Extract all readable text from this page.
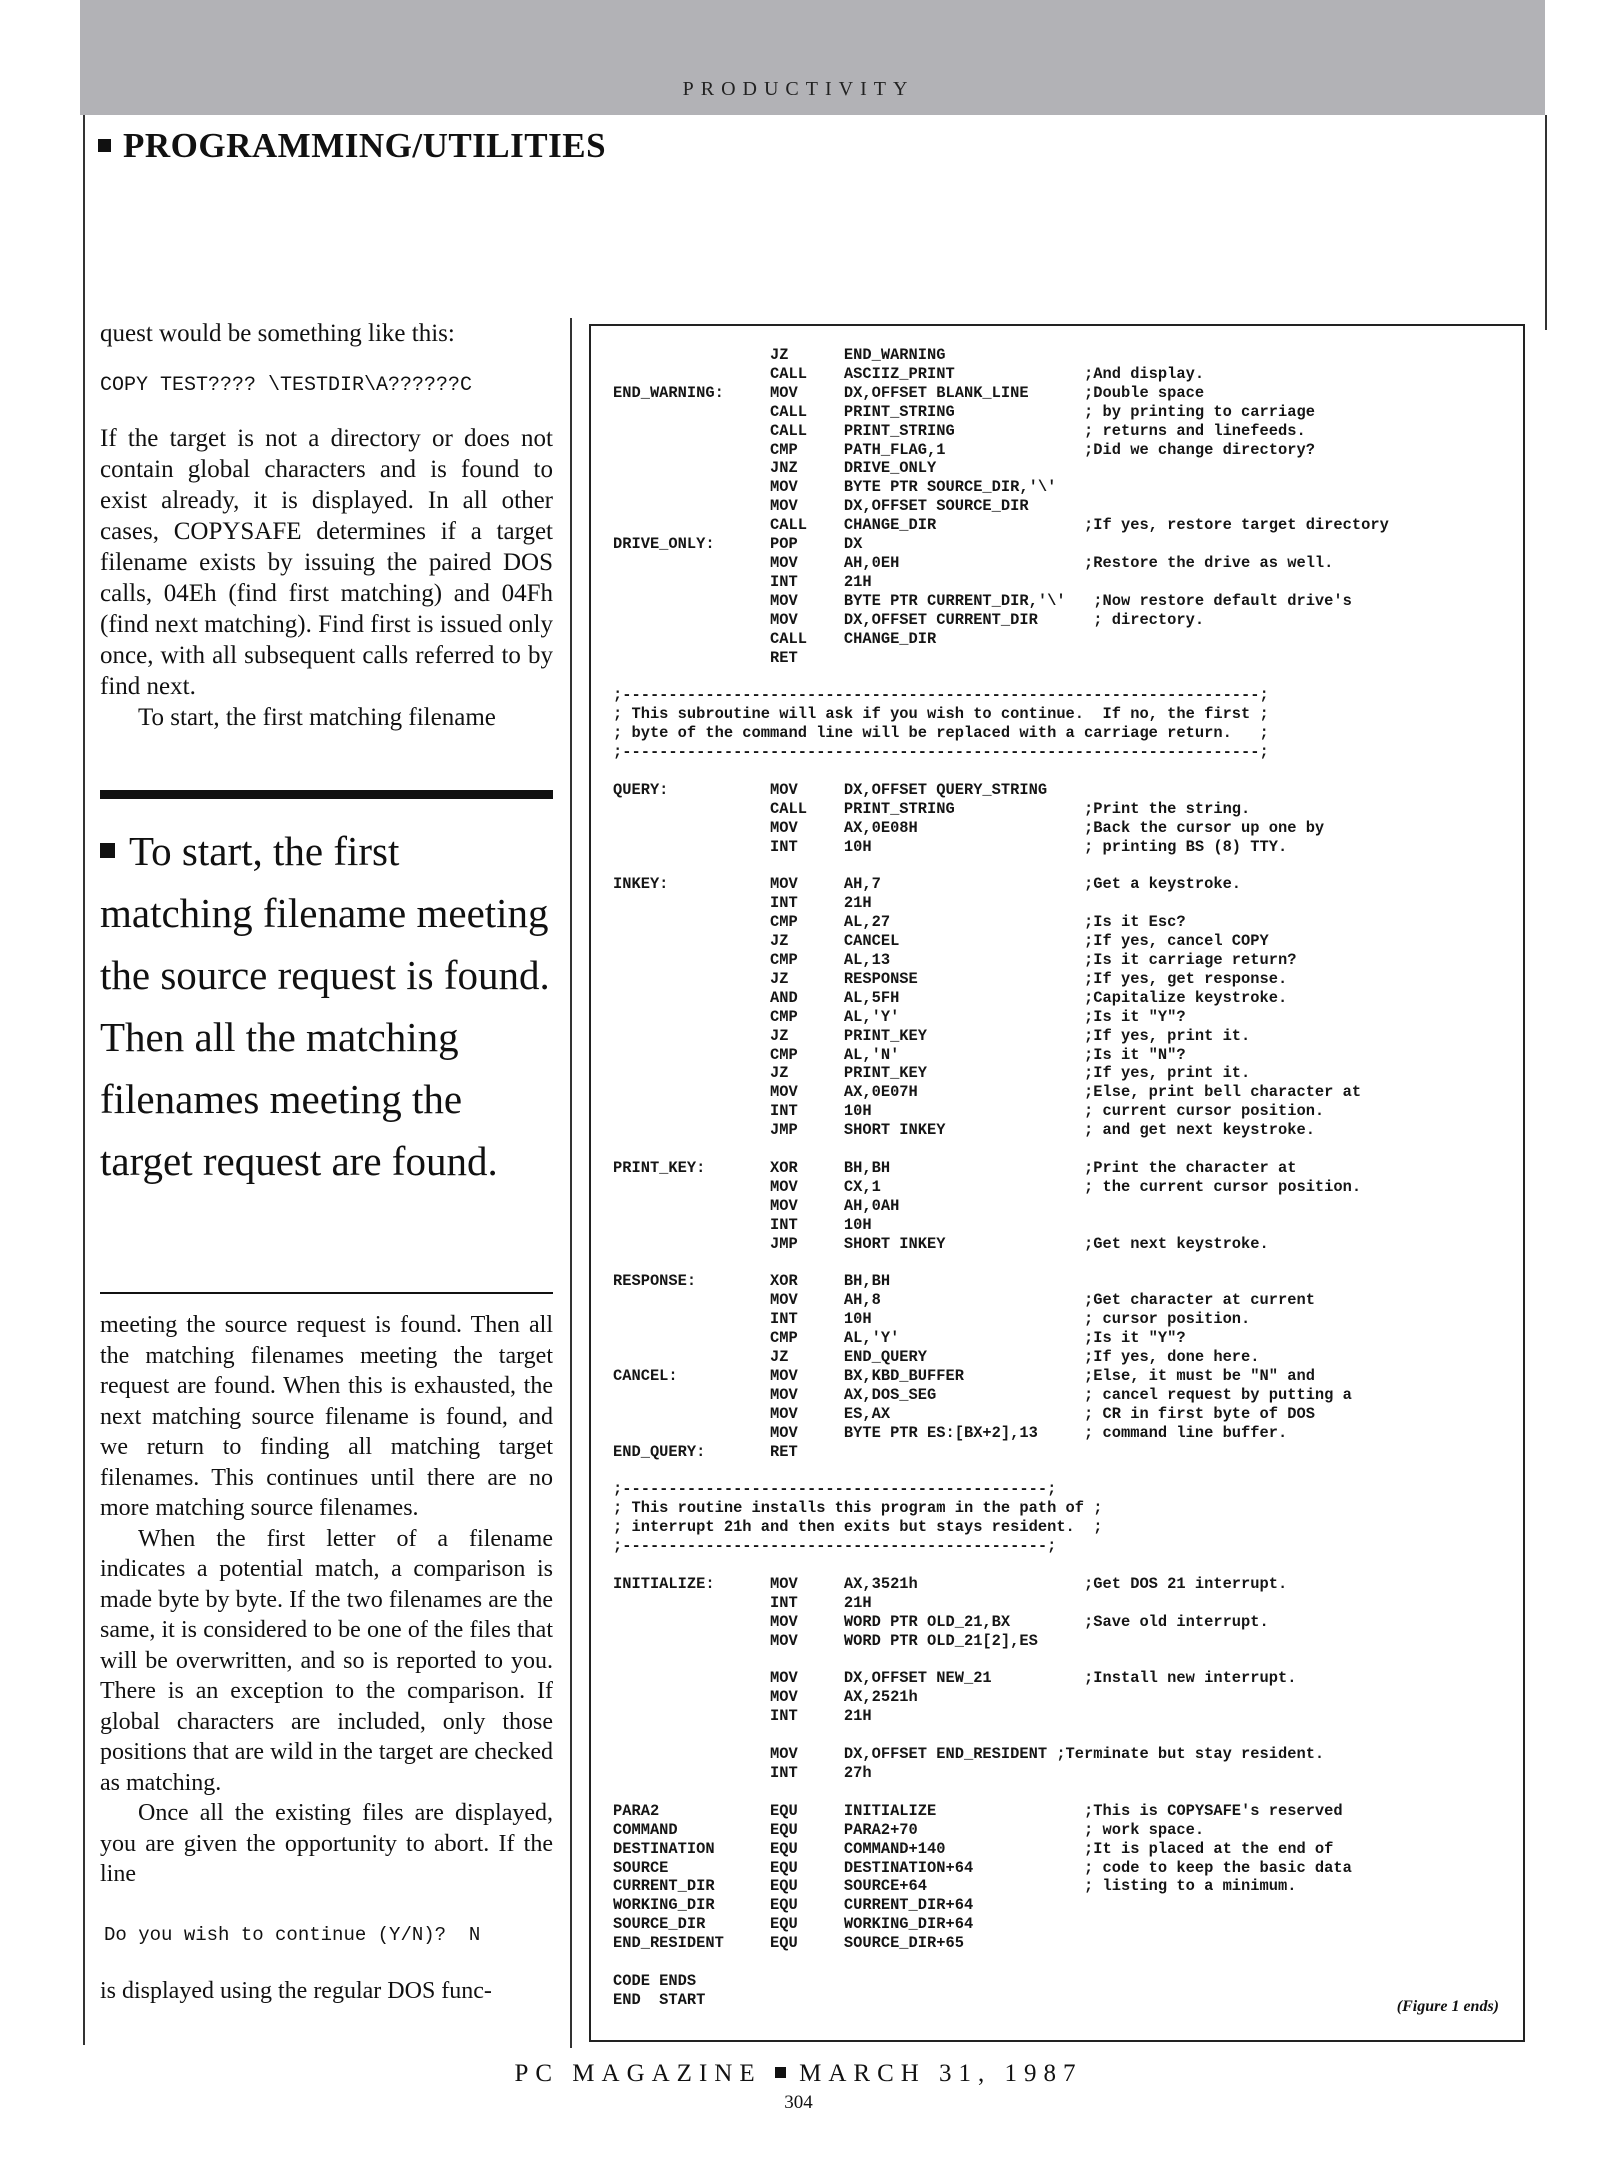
PRODUCTIVITY
PROGRAMMING/UTILITIES

quest would be something like this:

COPY TEST???? \TESTDIR\A??????C

If the target is not a directory or does not contain global characters and is found to exist already, it is displayed. In all other cases, COPYSAFE determines if a target filename exists by issuing the paired DOS calls, 04Eh (find first matching) and 04Fh (find next matching). Find first is issued only once, with all subsequent calls referred to by find next.

To start, the first matching filename

To start, the first matching filename meeting the source request is found. Then all the matching filenames meeting the target request are found.

meeting the source request is found. Then all the matching filenames meeting the target request are found. When this is exhausted, the next matching source filename is found, and we return to finding all matching target filenames. This continues until there are no more matching source filenames.

When the first letter of a filename indicates a potential match, a comparison is made byte by byte. If the two filenames are the same, it is considered to be one of the files that will be overwritten, and so is reported to you. There is an exception to the comparison. If global characters are included, only those positions that are wild in the target are checked as matching.

Once all the existing files are displayed, you are given the opportunity to abort. If the line

Do you wish to continue (Y/N)?  N

is displayed using the regular DOS func-

JZ      END_WARNING
CALL    ASCIIZ_PRINT              ;And display.
END_WARNING:     MOV     DX,OFFSET BLANK_LINE      ;Double space
CALL    PRINT_STRING              ; by printing to carriage
CALL    PRINT_STRING              ; returns and linefeeds.
CMP     PATH_FLAG,1               ;Did we change directory?
JNZ     DRIVE_ONLY
MOV     BYTE PTR SOURCE_DIR,'\'
MOV     DX,OFFSET SOURCE_DIR
CALL    CHANGE_DIR                ;If yes, restore target directory
DRIVE_ONLY:      POP     DX
MOV     AH,0EH                    ;Restore the drive as well.
INT     21H
MOV     BYTE PTR CURRENT_DIR,'\'   ;Now restore default drive's
MOV     DX,OFFSET CURRENT_DIR      ; directory.
CALL    CHANGE_DIR
RET

;---------------------------------------------------------------------;
; This subroutine will ask if you wish to continue.  If no, the first ;
; byte of the command line will be replaced with a carriage return.   ;
;---------------------------------------------------------------------;

QUERY:           MOV     DX,OFFSET QUERY_STRING
CALL    PRINT_STRING              ;Print the string.
MOV     AX,0E08H                  ;Back the cursor up one by
INT     10H                       ; printing BS (8) TTY.

INKEY:           MOV     AH,7                      ;Get a keystroke.
INT     21H
CMP     AL,27                     ;Is it Esc?
JZ      CANCEL                    ;If yes, cancel COPY
CMP     AL,13                     ;Is it carriage return?
JZ      RESPONSE                  ;If yes, get response.
AND     AL,5FH                    ;Capitalize keystroke.
CMP     AL,'Y'                    ;Is it "Y"?
JZ      PRINT_KEY                 ;If yes, print it.
CMP     AL,'N'                    ;Is it "N"?
JZ      PRINT_KEY                 ;If yes, print it.
MOV     AX,0E07H                  ;Else, print bell character at
INT     10H                       ; current cursor position.
JMP     SHORT INKEY               ; and get next keystroke.

PRINT_KEY:       XOR     BH,BH                     ;Print the character at
MOV     CX,1                      ; the current cursor position.
MOV     AH,0AH
INT     10H
JMP     SHORT INKEY               ;Get next keystroke.

RESPONSE:        XOR     BH,BH
MOV     AH,8                      ;Get character at current
INT     10H                       ; cursor position.
CMP     AL,'Y'                    ;Is it "Y"?
JZ      END_QUERY                 ;If yes, done here.
CANCEL:          MOV     BX,KBD_BUFFER             ;Else, it must be "N" and
MOV     AX,DOS_SEG                ; cancel request by putting a
MOV     ES,AX                     ; CR in first byte of DOS
MOV     BYTE PTR ES:[BX+2],13     ; command line buffer.
END_QUERY:       RET

;----------------------------------------------;
; This routine installs this program in the path of ;
; interrupt 21h and then exits but stays resident.  ;
;----------------------------------------------;

INITIALIZE:      MOV     AX,3521h                  ;Get DOS 21 interrupt.
INT     21H
MOV     WORD PTR OLD_21,BX        ;Save old interrupt.
MOV     WORD PTR OLD_21[2],ES

MOV     DX,OFFSET NEW_21          ;Install new interrupt.
MOV     AX,2521h
INT     21H

MOV     DX,OFFSET END_RESIDENT ;Terminate but stay resident.
INT     27h

PARA2            EQU     INITIALIZE                ;This is COPYSAFE's reserved
COMMAND          EQU     PARA2+70                  ; work space.
DESTINATION      EQU     COMMAND+140               ;It is placed at the end of
SOURCE           EQU     DESTINATION+64            ; code to keep the basic data
CURRENT_DIR      EQU     SOURCE+64                 ; listing to a minimum.
WORKING_DIR      EQU     CURRENT_DIR+64
SOURCE_DIR       EQU     WORKING_DIR+64
END_RESIDENT     EQU     SOURCE_DIR+65

CODE ENDS
END  START	(Figure 1 ends)
PC MAGAZINE MARCH 31, 1987
304
